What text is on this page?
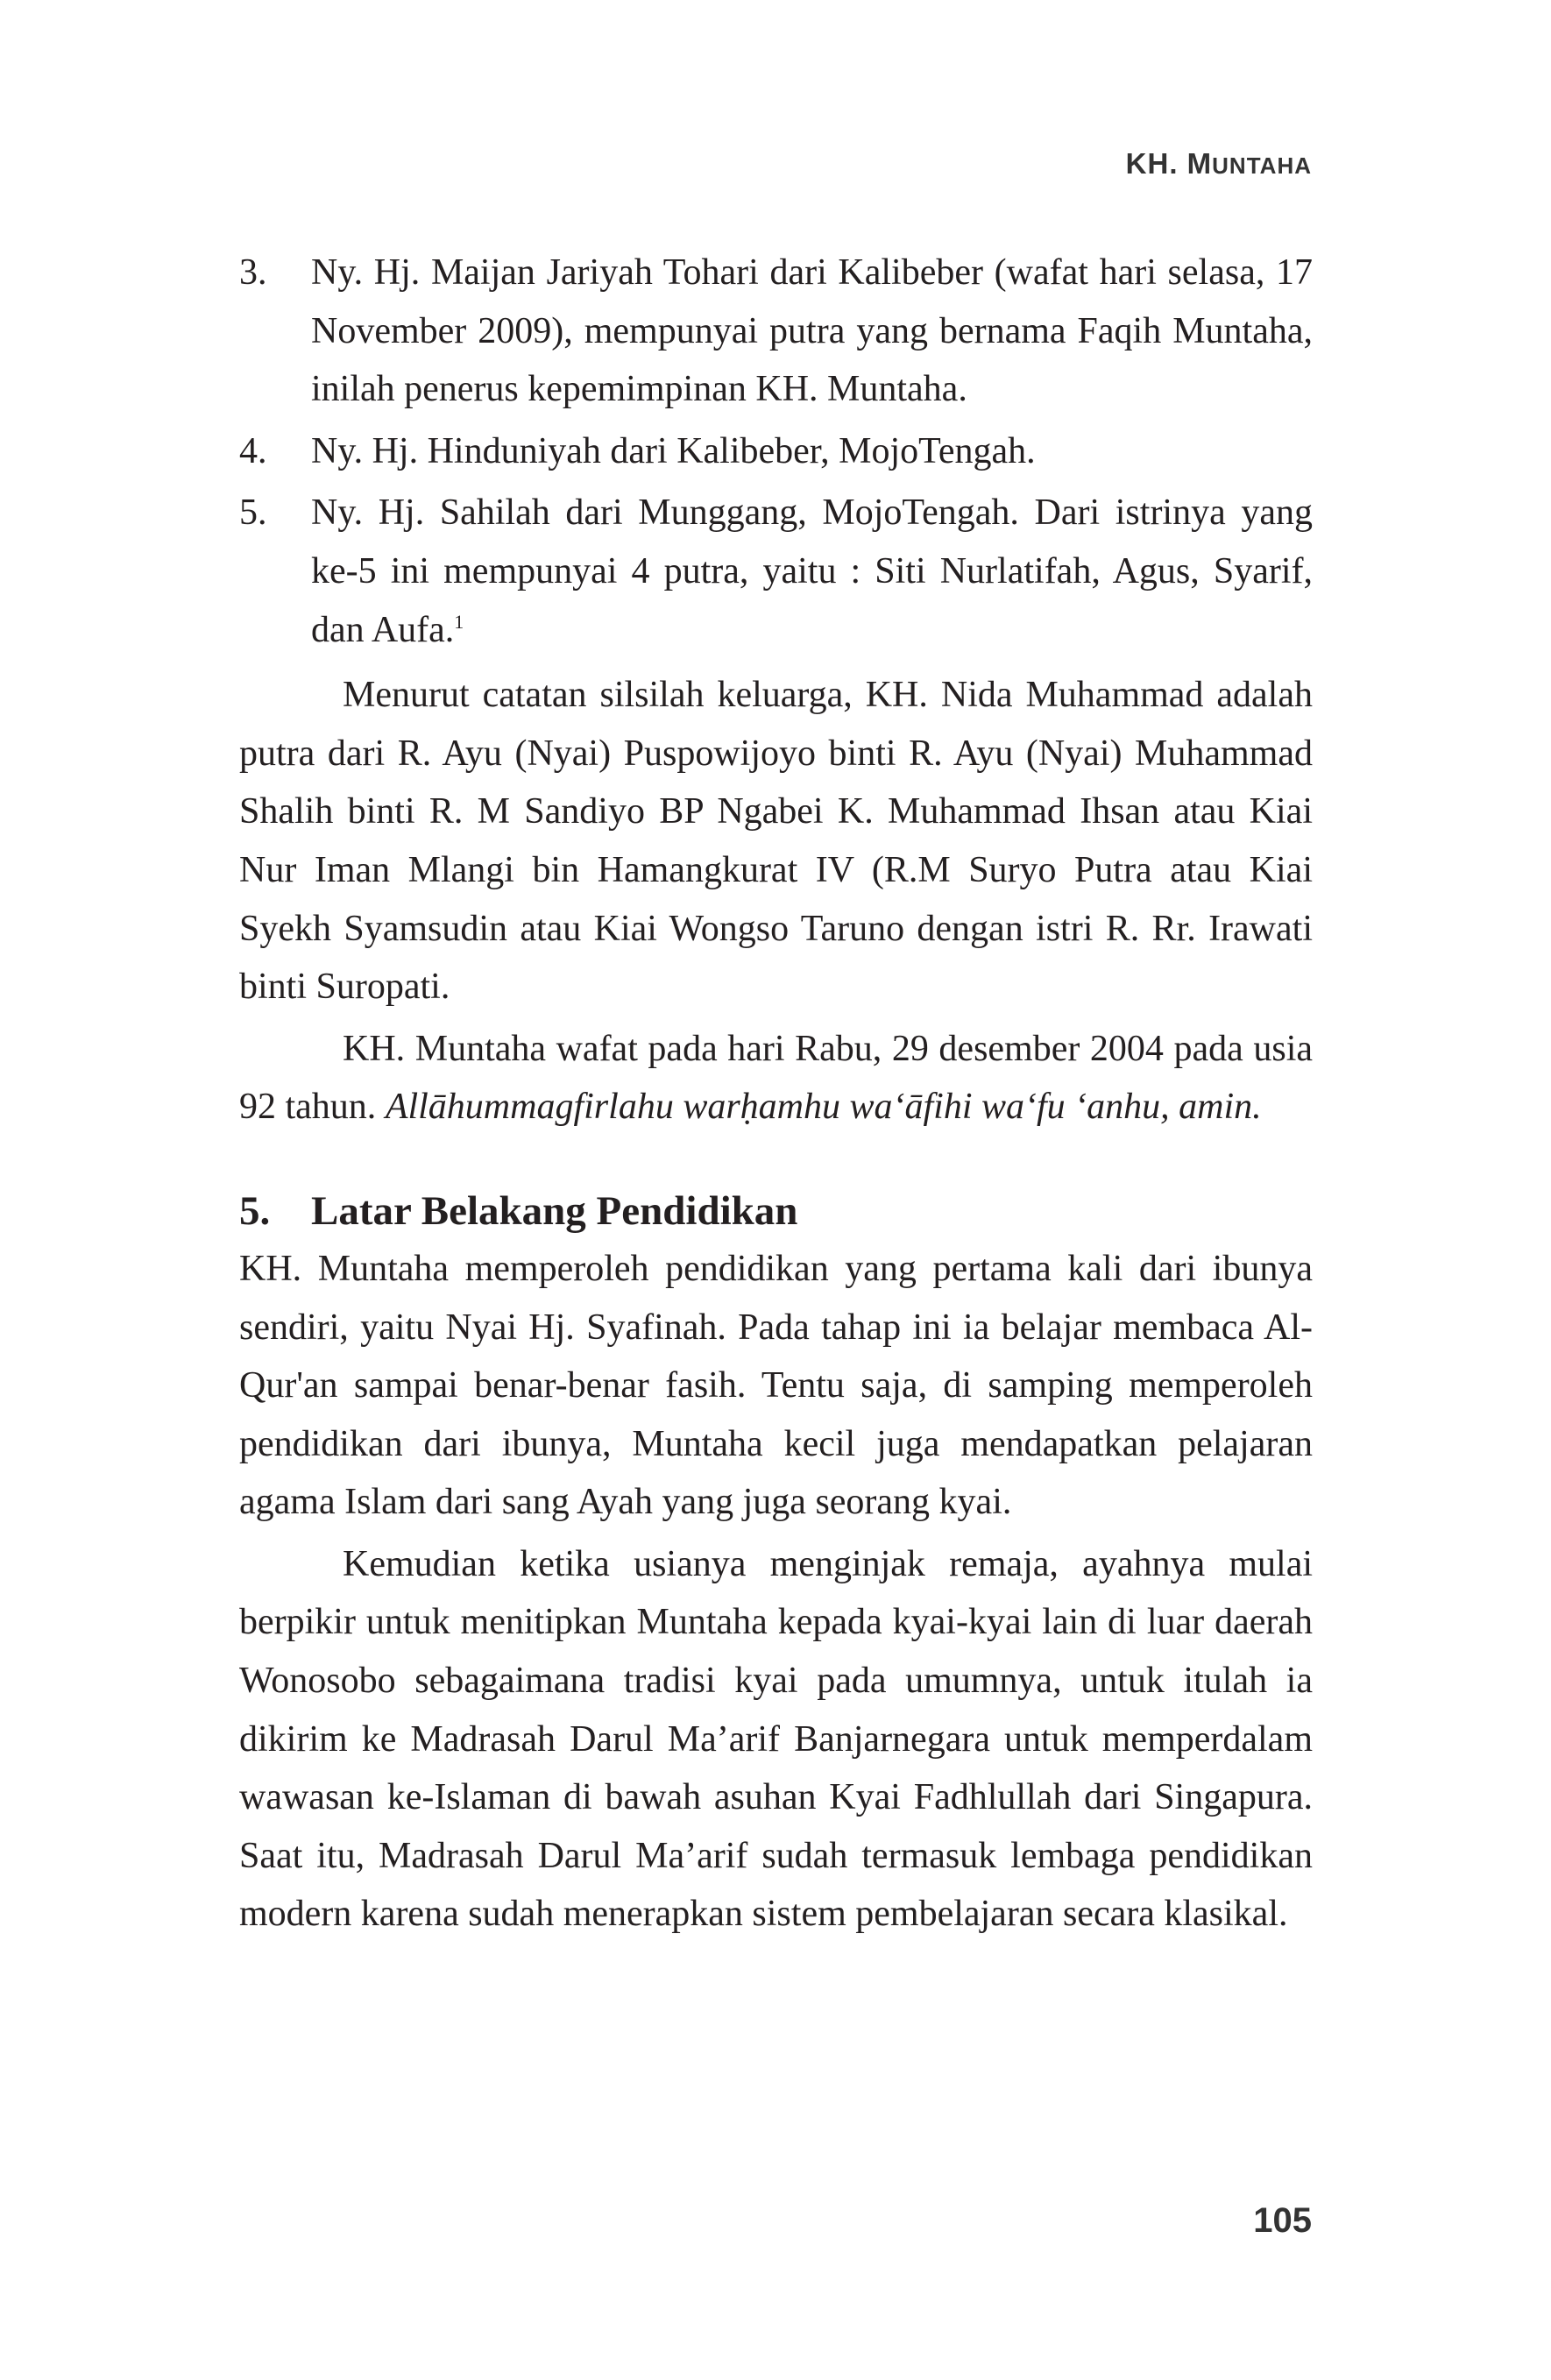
KH. MUNTAHA
3.	Ny. Hj. Maijan Jariyah Tohari dari Kalibeber (wafat hari selasa, 17 November 2009), mempunyai putra yang bernama Faqih Muntaha, inilah penerus kepemimpinan KH. Muntaha.
4.	Ny. Hj. Hinduniyah dari Kalibeber, MojoTengah.
5.	Ny. Hj. Sahilah dari Munggang, MojoTengah. Dari istrinya yang ke-5 ini mempunyai 4 putra, yaitu : Siti Nurlatifah, Agus, Syarif, dan Aufa.$^1$

Menurut catatan silsilah keluarga, KH. Nida Muhammad adalah putra dari R. Ayu (Nyai) Puspowijoyo binti R. Ayu (Nyai) Muhammad Shalih binti R. M Sandiyo BP Ngabei K. Muhammad Ihsan atau Kiai Nur Iman Mlangi bin Hamangkurat IV (R.M Suryo Putra atau Kiai Syekh Syamsudin atau Kiai Wongso Taruno dengan istri R. Rr. Irawati binti Suropati.

KH. Muntaha wafat pada hari Rabu, 29 desember 2004 pada usia 92 tahun. Allāhummagfirlahu warḥamhu wa‘āfihi wa‘fu ‘anhu, amin.

5. Latar Belakang Pendidikan

KH. Muntaha memperoleh pendidikan yang pertama kali dari ibunya sendiri, yaitu Nyai Hj. Syafinah. Pada tahap ini ia belajar membaca Al-Qur'an sampai benar-benar fasih. Tentu saja, di samping memperoleh pendidikan dari ibunya, Muntaha kecil juga mendapatkan pelajaran agama Islam dari sang Ayah yang juga seorang kyai.

Kemudian ketika usianya menginjak remaja, ayahnya mulai berpikir untuk menitipkan Muntaha kepada kyai-kyai lain di luar daerah Wonosobo sebagaimana tradisi kyai pada umumnya, untuk itulah ia dikirim ke Madrasah Darul Ma’arif Banjarnegara untuk memperdalam wawasan ke-Islaman di bawah asuhan Kyai Fadhlullah dari Singapura. Saat itu, Madrasah Darul Ma’arif sudah termasuk lembaga pendidikan modern karena sudah menerapkan sistem pembelajaran secara klasikal.

105
